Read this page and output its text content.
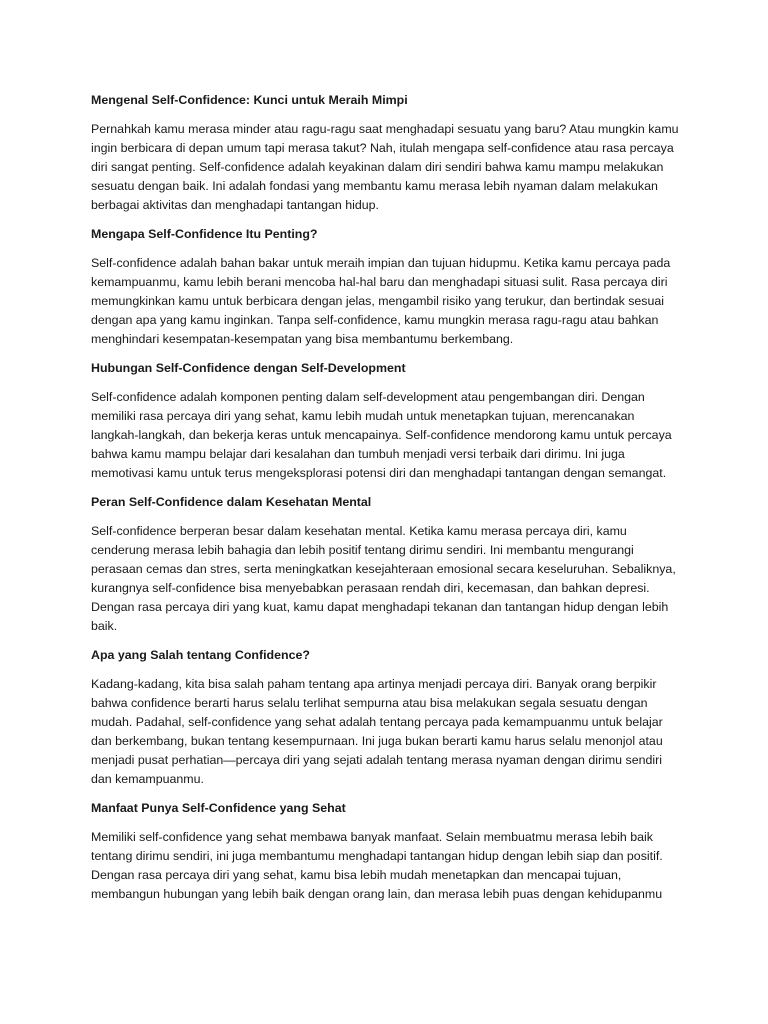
Mengenal Self-Confidence: Kunci untuk Meraih Mimpi

Pernahkah kamu merasa minder atau ragu-ragu saat menghadapi sesuatu yang baru? Atau mungkin kamu ingin berbicara di depan umum tapi merasa takut? Nah, itulah mengapa self-confidence atau rasa percaya diri sangat penting. Self-confidence adalah keyakinan dalam diri sendiri bahwa kamu mampu melakukan sesuatu dengan baik. Ini adalah fondasi yang membantu kamu merasa lebih nyaman dalam melakukan berbagai aktivitas dan menghadapi tantangan hidup.

Mengapa Self-Confidence Itu Penting?

Self-confidence adalah bahan bakar untuk meraih impian dan tujuan hidupmu. Ketika kamu percaya pada kemampuanmu, kamu lebih berani mencoba hal-hal baru dan menghadapi situasi sulit. Rasa percaya diri memungkinkan kamu untuk berbicara dengan jelas, mengambil risiko yang terukur, dan bertindak sesuai dengan apa yang kamu inginkan. Tanpa self-confidence, kamu mungkin merasa ragu-ragu atau bahkan menghindari kesempatan-kesempatan yang bisa membantumu berkembang.

Hubungan Self-Confidence dengan Self-Development

Self-confidence adalah komponen penting dalam self-development atau pengembangan diri. Dengan memiliki rasa percaya diri yang sehat, kamu lebih mudah untuk menetapkan tujuan, merencanakan langkah-langkah, dan bekerja keras untuk mencapainya. Self-confidence mendorong kamu untuk percaya bahwa kamu mampu belajar dari kesalahan dan tumbuh menjadi versi terbaik dari dirimu. Ini juga memotivasi kamu untuk terus mengeksplorasi potensi diri dan menghadapi tantangan dengan semangat.

Peran Self-Confidence dalam Kesehatan Mental

Self-confidence berperan besar dalam kesehatan mental. Ketika kamu merasa percaya diri, kamu cenderung merasa lebih bahagia dan lebih positif tentang dirimu sendiri. Ini membantu mengurangi perasaan cemas dan stres, serta meningkatkan kesejahteraan emosional secara keseluruhan. Sebaliknya, kurangnya self-confidence bisa menyebabkan perasaan rendah diri, kecemasan, dan bahkan depresi. Dengan rasa percaya diri yang kuat, kamu dapat menghadapi tekanan dan tantangan hidup dengan lebih baik.

Apa yang Salah tentang Confidence?

Kadang-kadang, kita bisa salah paham tentang apa artinya menjadi percaya diri. Banyak orang berpikir bahwa confidence berarti harus selalu terlihat sempurna atau bisa melakukan segala sesuatu dengan mudah. Padahal, self-confidence yang sehat adalah tentang percaya pada kemampuanmu untuk belajar dan berkembang, bukan tentang kesempurnaan. Ini juga bukan berarti kamu harus selalu menonjol atau menjadi pusat perhatian—percaya diri yang sejati adalah tentang merasa nyaman dengan dirimu sendiri dan kemampuanmu.

Manfaat Punya Self-Confidence yang Sehat

Memiliki self-confidence yang sehat membawa banyak manfaat. Selain membuatmu merasa lebih baik tentang dirimu sendiri, ini juga membantumu menghadapi tantangan hidup dengan lebih siap dan positif. Dengan rasa percaya diri yang sehat, kamu bisa lebih mudah menetapkan dan mencapai tujuan, membangun hubungan yang lebih baik dengan orang lain, dan merasa lebih puas dengan kehidupanmu
